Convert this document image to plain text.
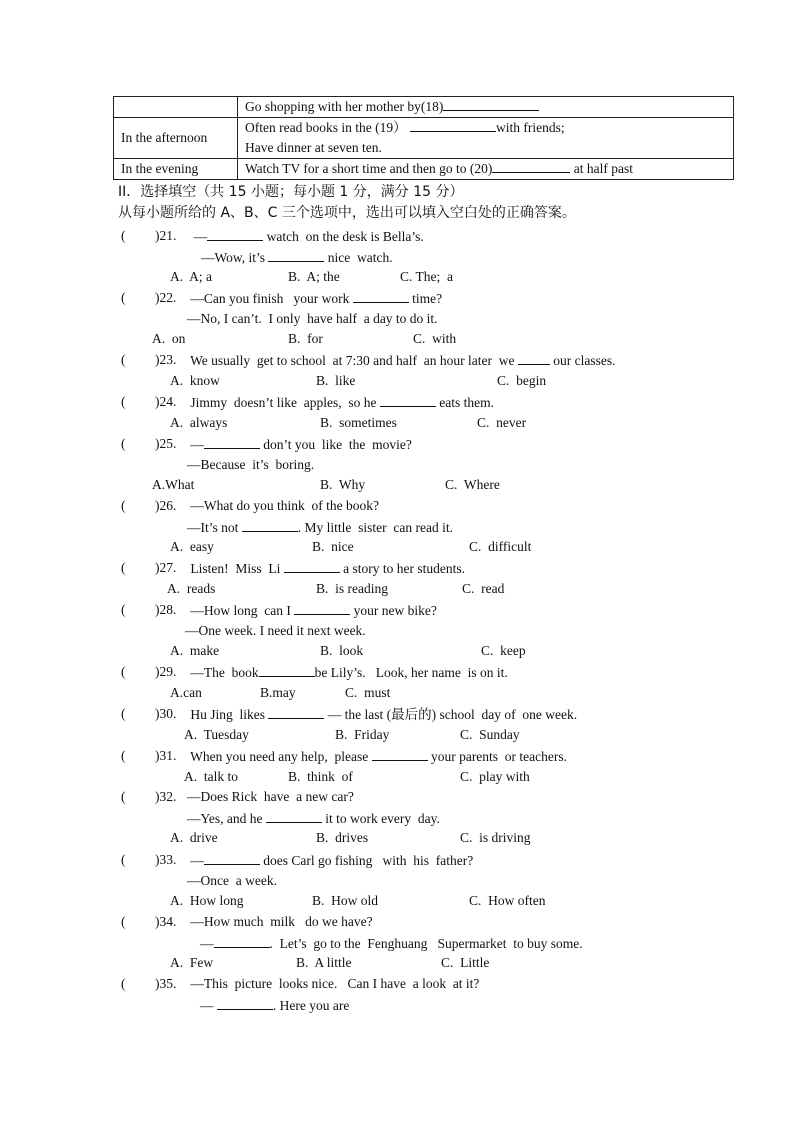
	Go shopping with her mother by(18)
In the afternoon	Often read books in the (19） with friends;
Have dinner at seven ten.
In the evening	Watch TV for a short time and then go to (20) at half past
II．选择填空（共 15 小题；每小题 1 分，满分 15 分）
从每小题所给的 A、B、C 三个选项中，选出可以填入空白处的正确答案。
( )21. —	watch  on the desk is Bella’s.
—Wow, it’s	nice  watch.
A.  A; a	B.  A; the	C. The;  a
( )22. —Can you finish   your work	time?
—No, I can’t.  I only  have half  a day to do it.
A.  on	B.  for	C.  with
( )23. We usually  get to school  at 7:30 and half  an hour later  we  our classes.
A.  know	B.  like	C.  begin
( )24. Jimmy  doesn’t like  apples,  so he	eats them.
A.  always	B.  sometimes	C.  never
( )25. —	don’t you  like  the  movie?
—Because  it’s  boring.
A.What	B.  Why	C.  Where
( )26. —What do you think  of the book?
—It’s not	. My little  sister  can read it.
A.  easy	B.  nice	C.  difficult
( )27. Listen!  Miss  Li	a story to her students.
A.  reads	B.  is reading	C.  read
( )28. —How long  can I	your new bike?
—One week. I need it next week.
A.  make	B.  look	C.  keep
( )29. —The  book	be Lily’s.   Look, her name  is on it.
A.can	B.may	C.  must
( )30. Hu Jing  likes	— the last (最后的) school  day of  one week.
A.  Tuesday	B.  Friday	C.  Sunday
( )31. When you need any help,  please	your parents  or teachers.
A.  talk to	B.  think  of	C.  play with
( )32. —Does Rick  have  a new car?
—Yes, and he	it to work every  day.
A.  drive	B.  drives	C.  is driving
( )33. —	does Carl go fishing   with  his  father?
—Once  a week.
A.  How long	B.  How old	C.  How often
( )34. —How much  milk   do we have?
—	.  Let’s  go to the  Fenghuang   Supermarket  to buy some.
A.  Few	B.  A little	C.  Little
( )35. —This  picture  looks nice.   Can I have  a look  at it?
—	. Here you are
